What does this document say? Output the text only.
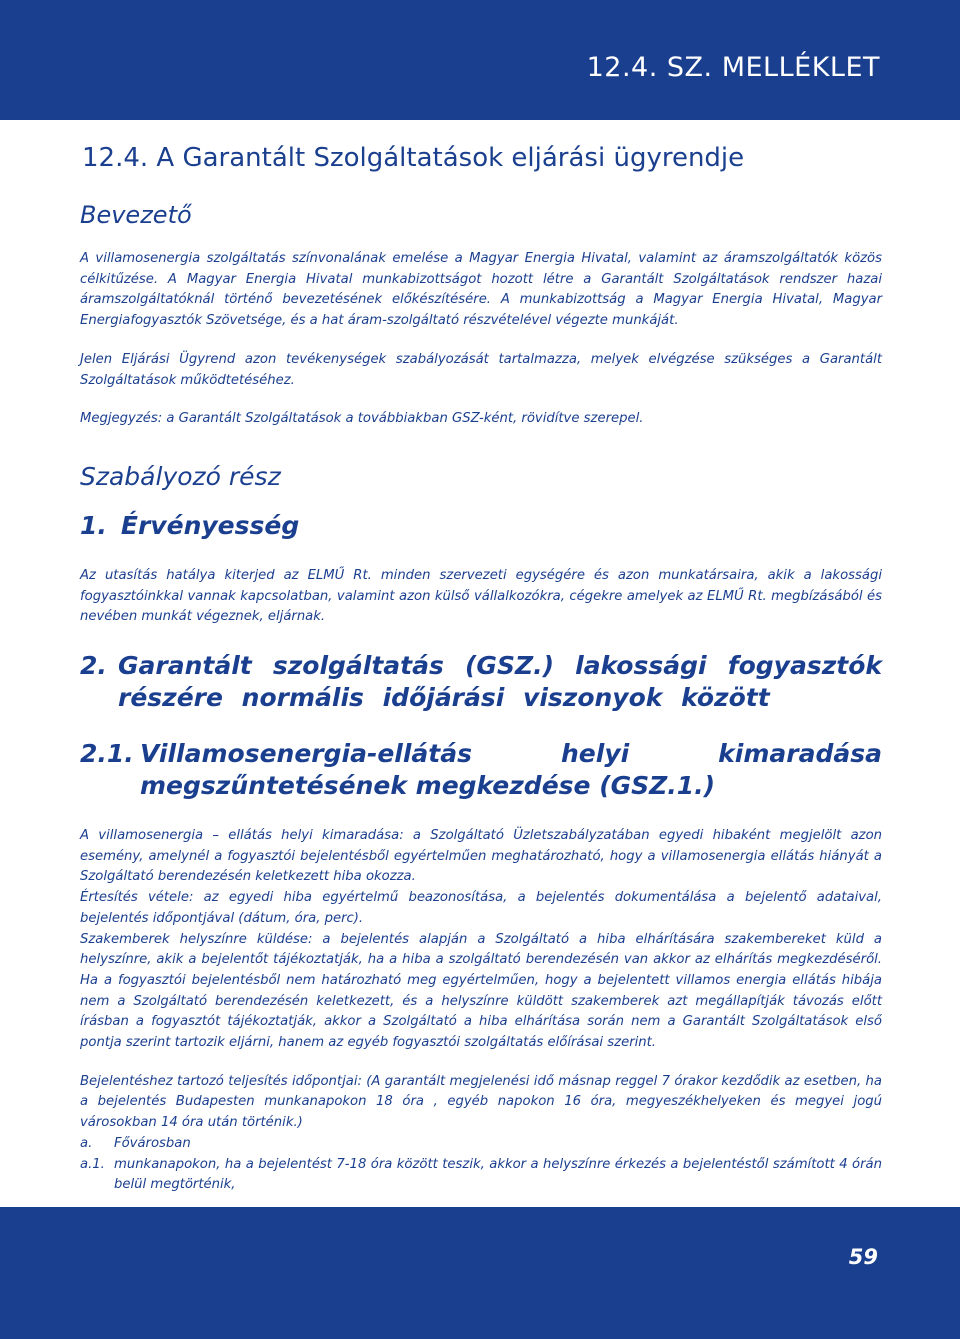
12.4. SZ. MELLÉKLET
12.4. A Garantált Szolgáltatások eljárási ügyrendje
Bevezető

A villamosenergia szolgáltatás színvonalának emelése a Magyar Energia Hivatal, valamint az áramszolgáltatók közös célkitűzése. A Magyar Energia Hivatal munkabizottságot hozott létre a Garantált Szolgáltatások rendszer hazai áramszolgáltatóknál történő bevezetésének előkészítésére. A munkabizottság a Magyar Energia Hivatal, Magyar Energiafogyasztók Szövetsége, és a hat áram-szolgáltató részvételével végezte munkáját.

Jelen Eljárási Ügyrend azon tevékenységek szabályozását tartalmazza, melyek elvégzése szükséges a Garantált Szolgáltatások működtetéséhez.

Megjegyzés: a Garantált Szolgáltatások a továbbiakban GSZ-ként, rövidítve szerepel.

Szabályozó rész
1. Érvényesség

Az utasítás hatálya kiterjed az ELMŰ Rt. minden szervezeti egységére és azon munkatársaira, akik a lakossági fogyasztóinkkal vannak kapcsolatban, valamint azon külső vállalkozókra, cégekre amelyek az ELMŰ Rt. megbízásából és nevében munkát végeznek, eljárnak.

2. Garantált szolgáltatás (GSZ.) lakossági fogyasztók részére normális időjárási viszonyok között
2.1. Villamosenergia-ellátás helyi kimaradása megszűntetésének megkezdése (GSZ.1.)

A villamosenergia – ellátás helyi kimaradása: a Szolgáltató Üzletszabályzatában egyedi hibaként megjelölt azon esemény, amelynél a fogyasztói bejelentésből egyértelműen meghatározható, hogy a villamosenergia ellátás hiányát a Szolgáltató berendezésén keletkezett hiba okozza.

Értesítés vétele: az egyedi hiba egyértelmű beazonosítása, a bejelentés dokumentálása a bejelentő adataival, bejelentés időpontjával (dátum, óra, perc).

Szakemberek helyszínre küldése: a bejelentés alapján a Szolgáltató a hiba elhárítására szakembereket küld a helyszínre, akik a bejelentőt tájékoztatják, ha a hiba a szolgáltató berendezésén van akkor az elhárítás megkezdéséről. Ha a fogyasztói bejelentésből nem határozható meg egyértelműen, hogy a bejelentett villamos energia ellátás hibája nem a Szolgáltató berendezésén keletkezett, és a helyszínre küldött szakemberek azt megállapítják távozás előtt írásban a fogyasztót tájékoztatják, akkor a Szolgáltató a hiba elhárítása során nem a Garantált Szolgáltatások első pontja szerint tartozik eljárni, hanem az egyéb fogyasztói szolgáltatás előírásai szerint.

Bejelentéshez tartozó teljesítés időpontjai: (A garantált megjelenési idő másnap reggel 7 órakor kezdődik az esetben, ha a bejelentés Budapesten munkanapokon 18 óra , egyéb napokon 16 óra, megyeszékhelyeken és megyei jogú városokban 14 óra után történik.)

a.	Fővárosban
a.1. munkanapokon, ha a bejelentést 7-18 óra között teszik, akkor a helyszínre érkezés a bejelentéstől számított 4 órán belül megtörténik,
59
